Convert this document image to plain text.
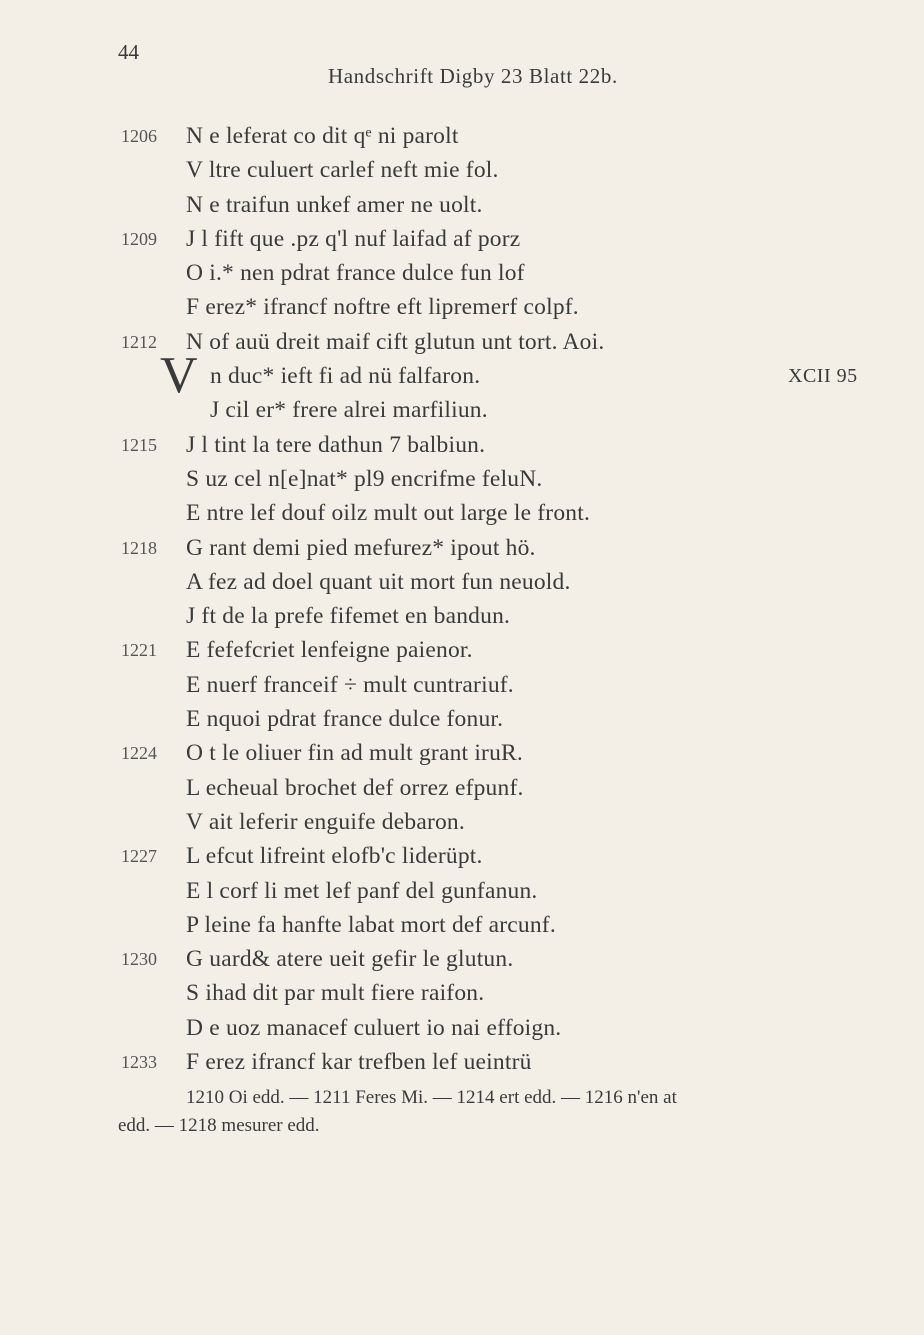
44
Handschrift Digby 23 Blatt 22b.
V
1206 N e leferat co dit qᵉ ni parolt
V ltre culuert carlef neft mie fol.
N e traifun unkef amer ne uolt.
1209 J l fift que .pz q'l nuf laifad af porz
O i.* nen pdrat france dulce fun lof
F erez* ifrancf noftre eft lipremerf colpf.
1212 N of auü dreit maif cift glutun unt tort. Aoi.
n duc* ieft fi ad nü falfaron.	XCII 95
J cil er* frere alrei marfiliun.
1215 J l tint la tere dathun 7 balbiun.
S uz cel n[e]nat* pl9 encrifme feluN.
E ntre lef douf oilz mult out large le front.
1218 G rant demi pied mefurez* ipout hö.
A fez ad doel quant uit mort fun neuold.
J ft de la prefe fifemet en bandun.
1221 E fefefcriet lenfeigne paienor.
E nuerf franceif ÷ mult cuntrariuf.
E nquoi pdrat france dulce fonur.
1224 O t le oliuer fin ad mult grant iruR.
L echeual brochet def orrez efpunf.
V ait leferir enguife debaron.
1227 L efcut lifreint elofb'c liderüpt.
E l corf li met lef panf del gunfanun.
P leine fa hanfte labat mort def arcunf.
1230 G uard& atere ueit gefir le glutun.
S ihad dit par mult fiere raifon.
D e uoz manacef culuert io nai effoign.
1233 F erez ifrancf kar trefben lef ueintrü
1210 Oi edd. — 1211 Feres Mi. — 1214 ert edd. — 1216 n'en at
edd. — 1218 mesurer edd.
